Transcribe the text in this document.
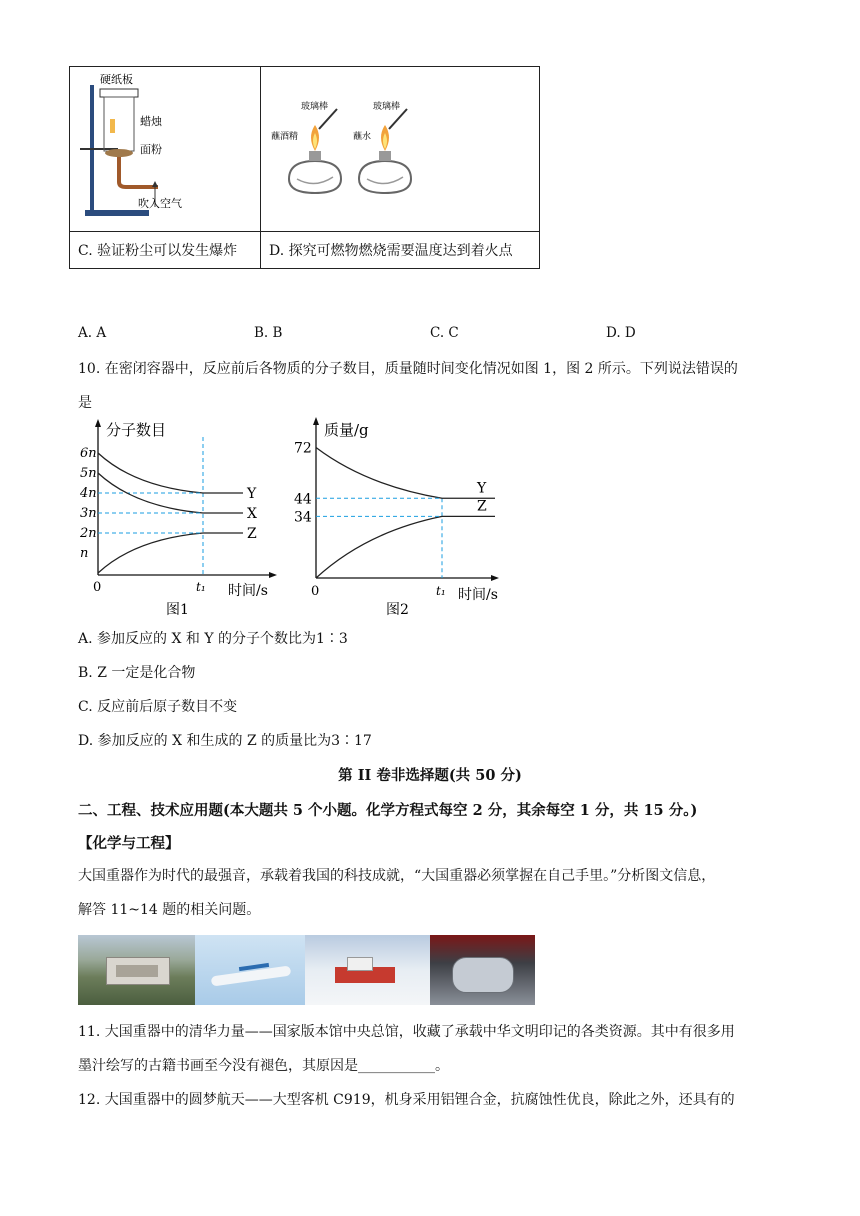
硬纸板
蜡烛
面粉
吹入空气	玻璃棒
蘸酒精
玻璃棒
蘸水

C. 验证粉尘可以发生爆炸	D. 探究可燃物燃烧需要温度达到着火点
A. A	B. B	C. C	D. D
10. 在密闭容器中，反应前后各物质的分子数目，质量随时间变化情况如图 1，图 2 所示。下列说法错误的
是
分子数目
时间/s
0	t₁
图1
n
2n
3n
4n
5n
6n
Y
X
Z
质量/g
时间/s
0	t₁
图2
34
44
72
Y
Z
A. 参加反应的 X 和 Y 的分子个数比为1∶3
B. Z 一定是化合物
C. 反应前后原子数目不变
D. 参加反应的 X 和生成的 Z 的质量比为3∶17
第 II 卷非选择题(共 50 分)
二、工程、技术应用题(本大题共 5 个小题。化学方程式每空 2 分，其余每空 1 分，共 15 分。)
【化学与工程】
大国重器作为时代的最强音，承载着我国的科技成就，“大国重器必须掌握在自己手里。”分析图文信息，
解答 11~14 题的相关问题。
11. 大国重器中的清华力量——国家版本馆中央总馆，收藏了承载中华文明印记的各类资源。其中有很多用
墨汁绘写的古籍书画至今没有褪色，其原因是___________。
12. 大国重器中的圆梦航天——大型客机 C919，机身采用铝锂合金，抗腐蚀性优良，除此之外，还具有的
